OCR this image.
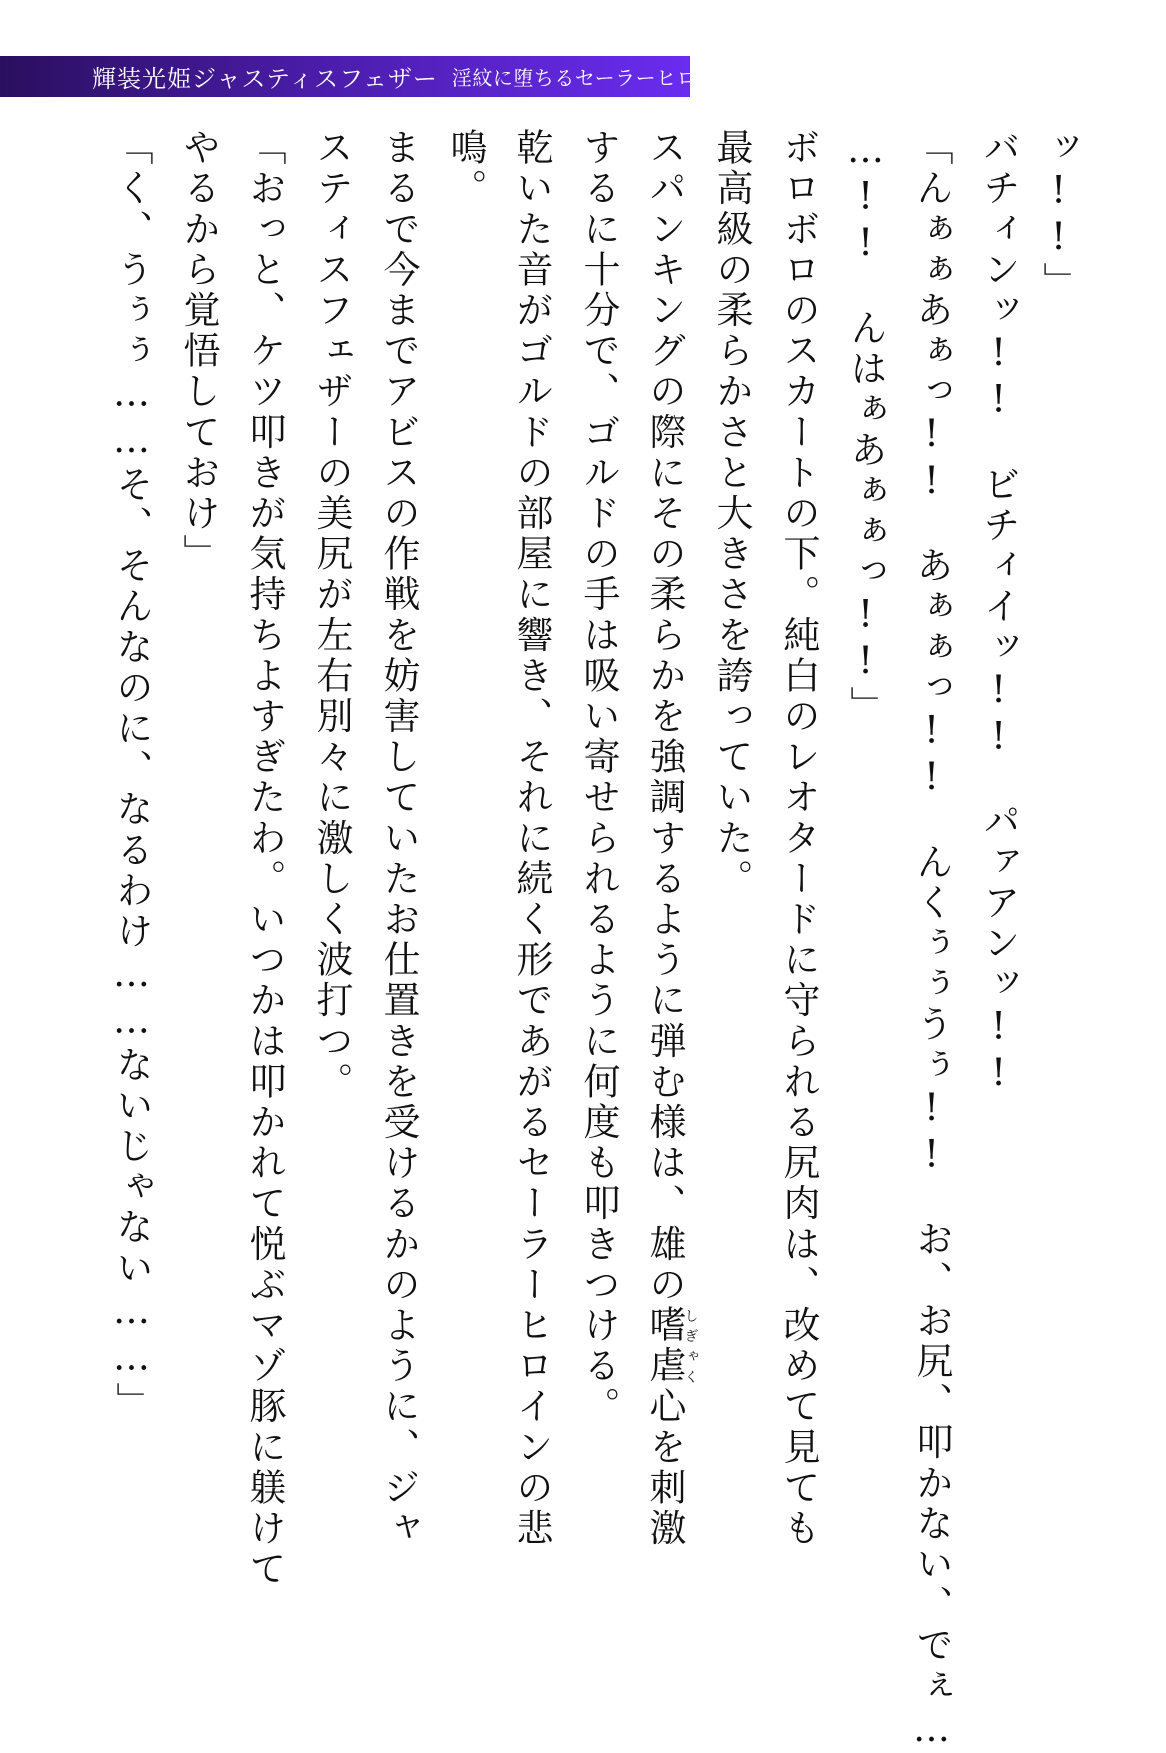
輝装光姫ジャスティスフェザー 淫紋に堕ちるセーラーヒロイン
ッ!!」
バチィンッ!!　ビチィイッ!!　パァアンッ!!
「んぁぁあぁっ!!　あぁぁっ!!　んくぅぅうぅ!!　お、お尻、叩かない、でぇ…
…!!　んはぁあぁぁっ!!」
ボロボロのスカートの下。純白のレオタードに守られる尻肉は、改めて見ても
最高級の柔らかさと大きさを誇っていた。
スパンキングの際にその柔らかを強調するように弾む様は、雄の嗜虐しぎゃく心を刺激
するに十分で、ゴルドの手は吸い寄せられるように何度も叩きつける。
乾いた音がゴルドの部屋に響き、それに続く形であがるセーラーヒロインの悲
鳴。
まるで今までアビスの作戦を妨害していたお仕置きを受けるかのように、ジャ
スティスフェザーの美尻が左右別々に激しく波打つ。
「おっと、ケツ叩きが気持ちよすぎたわ。いつかは叩かれて悦ぶマゾ豚に躾けて
やるから覚悟しておけ」
「く、うぅぅ……そ、そんなのに、なるわけ……ないじゃない……」
